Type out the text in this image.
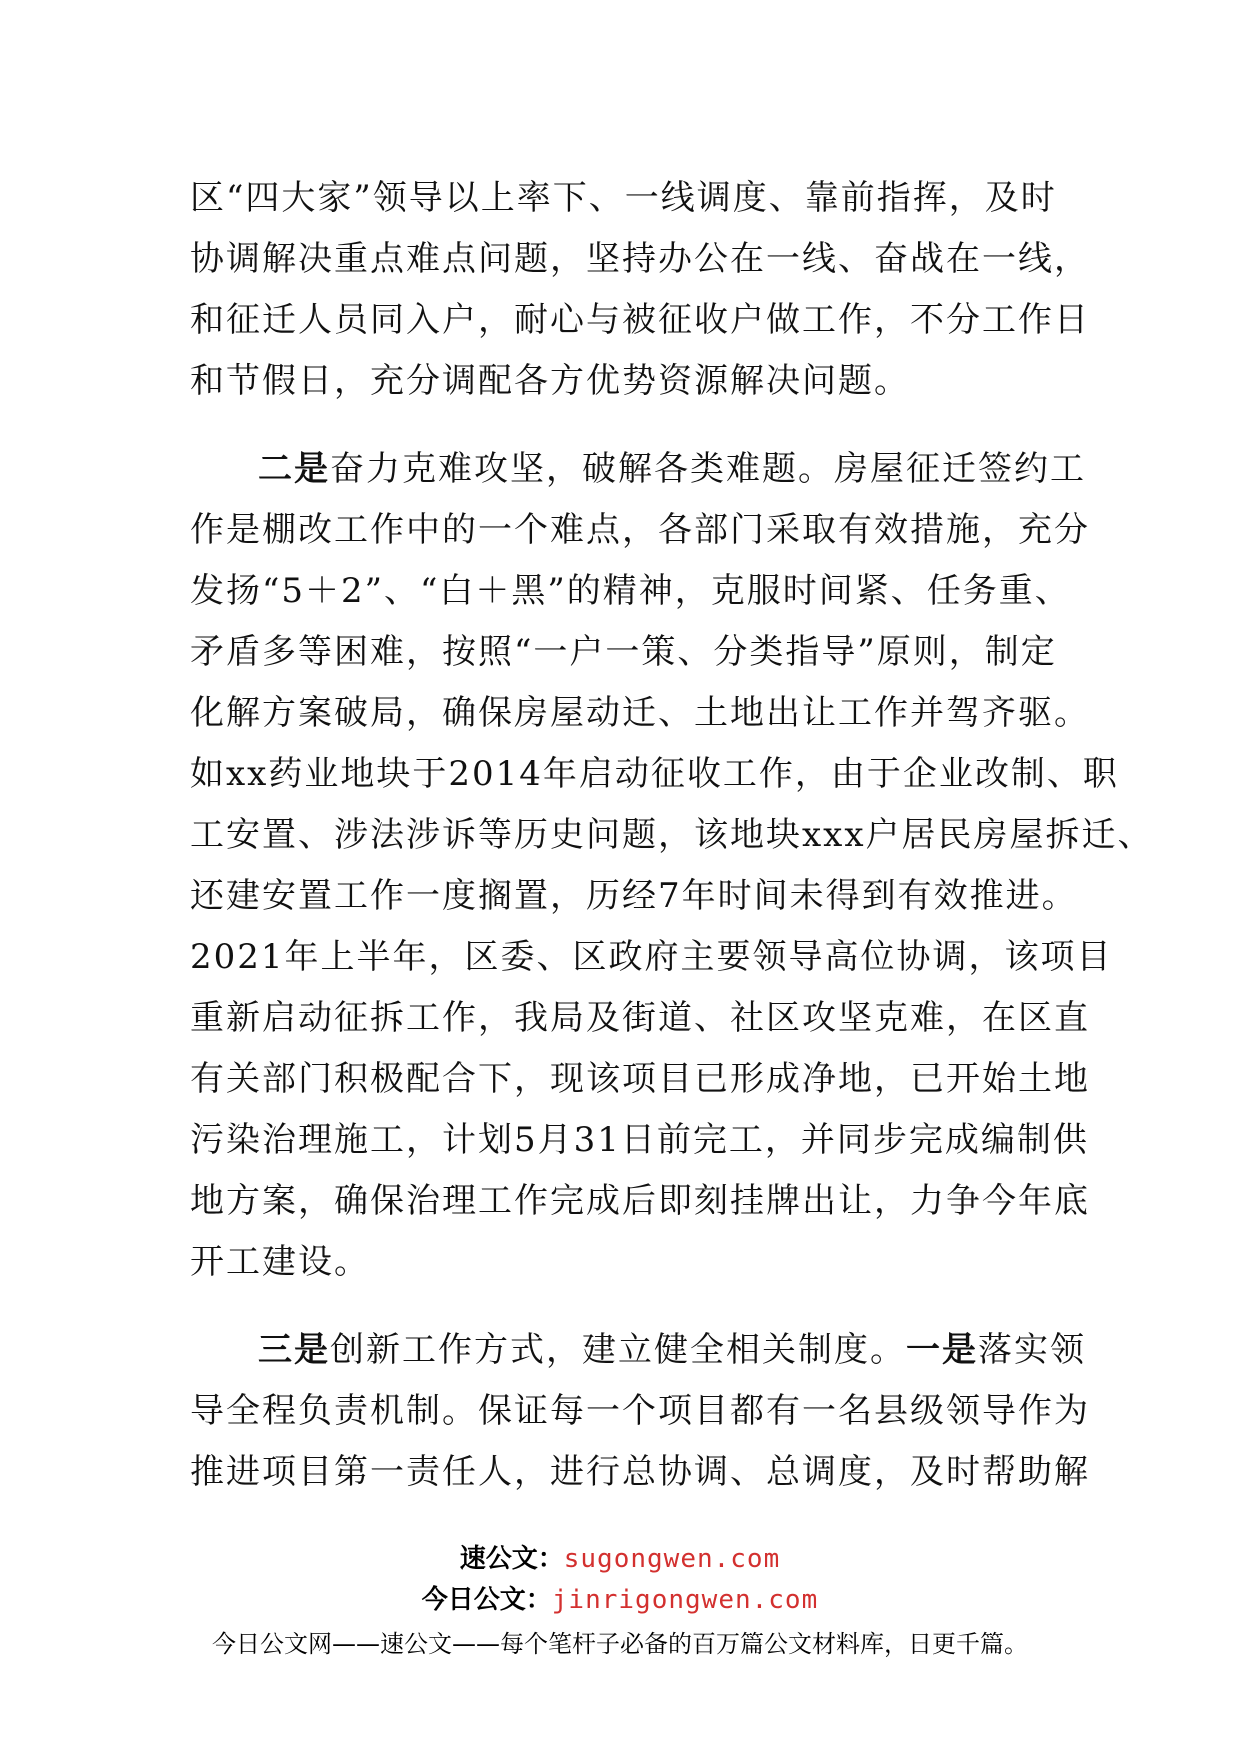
区“四大家”领导以上率下、一线调度、靠前指挥，及时
协调解决重点难点问题，坚持办公在一线、奋战在一线，
和征迁人员同入户，耐心与被征收户做工作，不分工作日
和节假日，充分调配各方优势资源解决问题。
二是奋力克难攻坚，破解各类难题。房屋征迁签约工
作是棚改工作中的一个难点，各部门采取有效措施，充分
发扬“5＋2”、“白＋黑”的精神，克服时间紧、任务重、
矛盾多等困难，按照“一户一策、分类指导”原则，制定
化解方案破局，确保房屋动迁、土地出让工作并驾齐驱。
如xx药业地块于2014年启动征收工作，由于企业改制、职
工安置、涉法涉诉等历史问题，该地块xxx户居民房屋拆迁、
还建安置工作一度搁置，历经7年时间未得到有效推进。
2021年上半年，区委、区政府主要领导高位协调，该项目
重新启动征拆工作，我局及街道、社区攻坚克难，在区直
有关部门积极配合下，现该项目已形成净地，已开始土地
污染治理施工，计划5月31日前完工，并同步完成编制供
地方案，确保治理工作完成后即刻挂牌出让，力争今年底
开工建设。
三是创新工作方式，建立健全相关制度。一是落实领
导全程负责机制。保证每一个项目都有一名县级领导作为
推进项目第一责任人，进行总协调、总调度，及时帮助解
速公文：sugongwen.com
今日公文：jinrigongwen.com
今日公文网——速公文——每个笔杆子必备的百万篇公文材料库，日更千篇。
